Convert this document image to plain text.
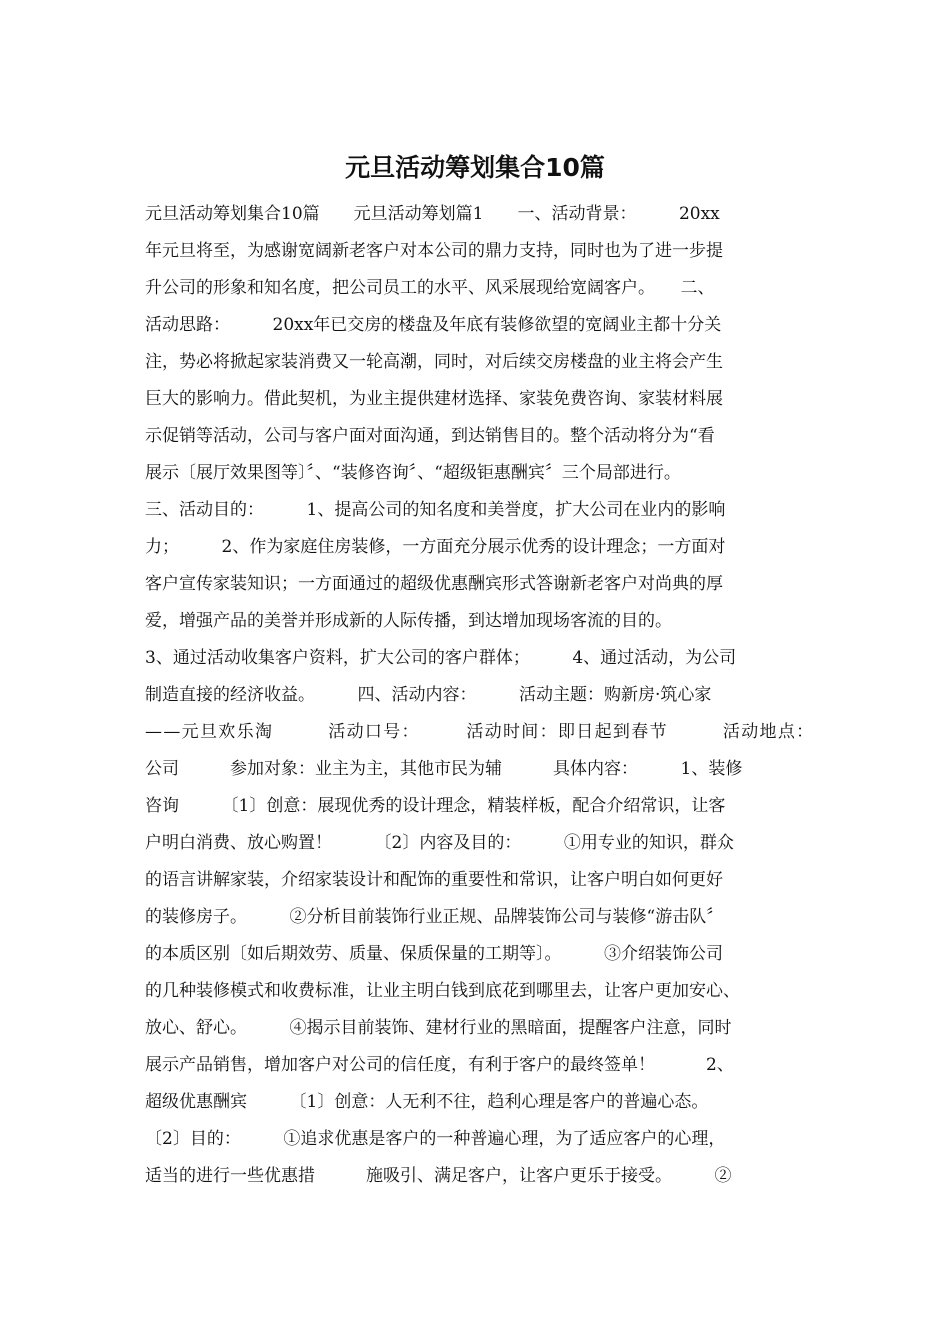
元旦活动筹划集合10篇
元旦活动筹划集合10篇　　元旦活动筹划篇1　　一、活动背景：　　　20xx
年元旦将至，为感谢宽阔新老客户对本公司的鼎力支持，同时也为了进一步提
升公司的形象和知名度，把公司员工的水平、风采展现给宽阔客户。　　二、
活动思路：　　　20xx年已交房的楼盘及年底有装修欲望的宽阔业主都十分关
注，势必将掀起家装消费又一轮高潮，同时，对后续交房楼盘的业主将会产生
巨大的影响力。借此契机，为业主提供建材选择、家装免费咨询、家装材料展
示促销等活动，公司与客户面对面沟通，到达销售目的。整个活动将分为“看
展示〔展厅效果图等〕〞、“装修咨询〞、“超级钜惠酬宾〞三个局部进行。
三、活动目的：　　　1、提高公司的知名度和美誉度，扩大公司在业内的影响
力；　　　2、作为家庭住房装修，一方面充分展示优秀的设计理念；一方面对
客户宣传家装知识；一方面通过的超级优惠酬宾形式答谢新老客户对尚典的厚
爱，增强产品的美誉并形成新的人际传播，到达增加现场客流的目的。
3、通过活动收集客户资料，扩大公司的客户群体；　　　4、通过活动，为公司
制造直接的经济收益。　　　四、活动内容：　　　活动主题：购新房·筑心家
——元旦欢乐淘　　　活动口号：　　　活动时间：即日起到春节　　　活动地点：
公司　　　参加对象：业主为主，其他市民为辅　　　具体内容：　　　1、装修
咨询　　　〔1〕创意：展现优秀的设计理念，精装样板，配合介绍常识，让客
户明白消费、放心购置！　　　〔2〕内容及目的：　　　①用专业的知识，群众
的语言讲解家装，介绍家装设计和配饰的重要性和常识，让客户明白如何更好
的装修房子。　　　②分析目前装饰行业正规、品牌装饰公司与装修“游击队〞
的本质区别〔如后期效劳、质量、保质保量的工期等〕。　　　③介绍装饰公司
的几种装修模式和收费标准，让业主明白钱到底花到哪里去，让客户更加安心、
放心、舒心。　　　④揭示目前装饰、建材行业的黑暗面，提醒客户注意，同时
展示产品销售，增加客户对公司的信任度，有利于客户的最终签单！　　　2、
超级优惠酬宾　　　〔1〕创意：人无利不往，趋利心理是客户的普遍心态。
〔2〕目的：　　　①追求优惠是客户的一种普遍心理，为了适应客户的心理，
适当的进行一些优惠措　　　施吸引、满足客户，让客户更乐于接受。　　　②
